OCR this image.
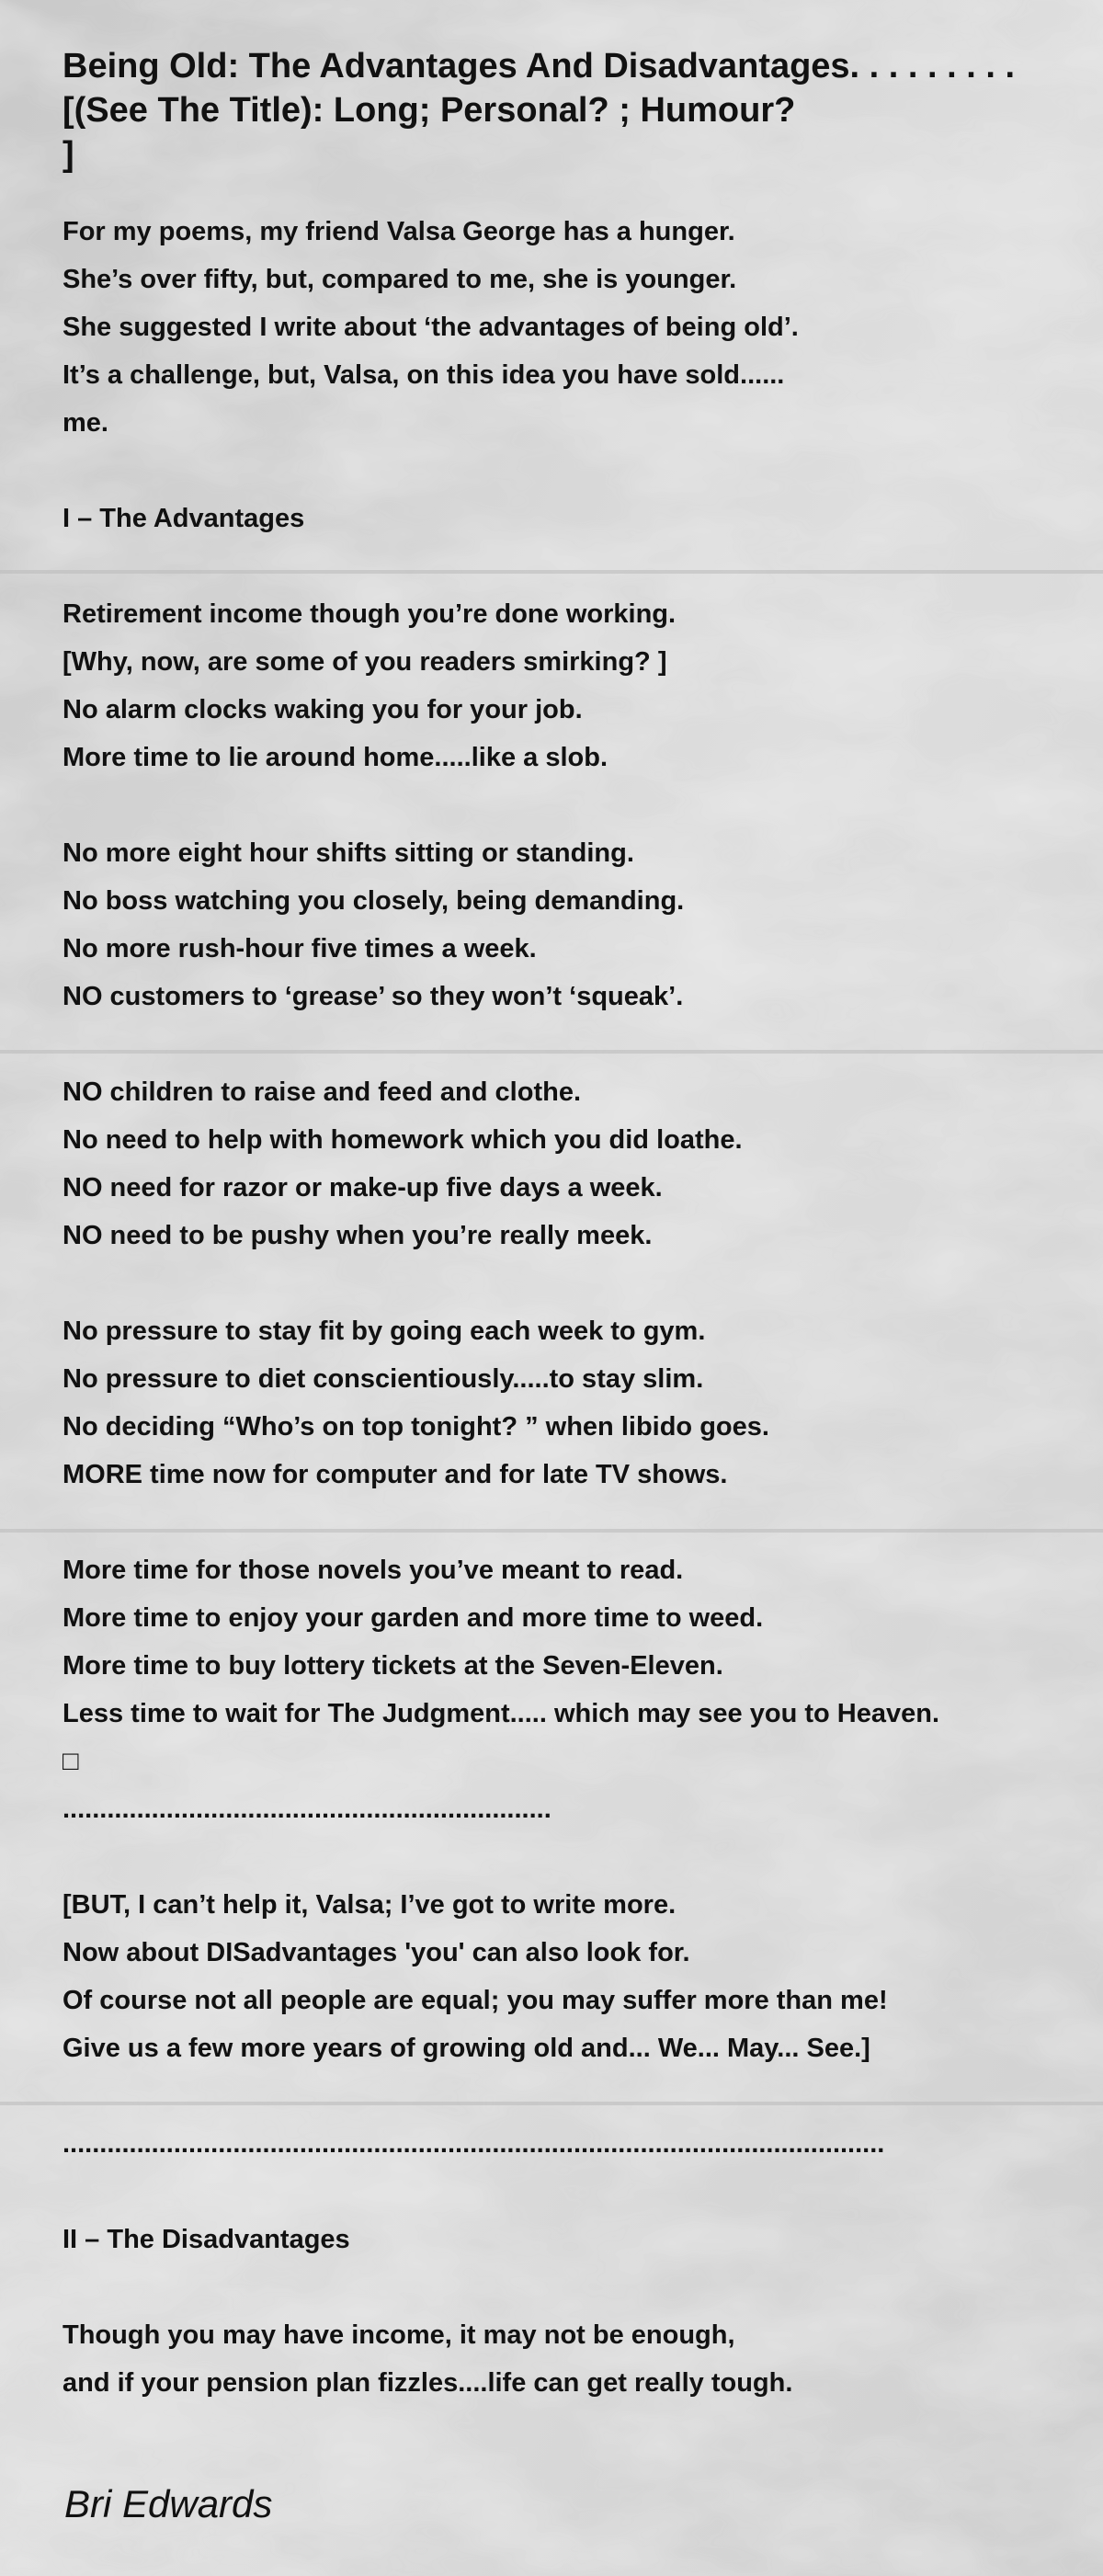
Being Old: The Advantages And Disadvantages. . . . . . . . .
[(See The Title): Long; Personal? ; Humour?
]
For my poems, my friend Valsa George has a hunger.
She’s over fifty, but, compared to me, she is younger.
She suggested I write about ‘the advantages of being old’.
It’s a challenge, but, Valsa, on this idea you have sold......
me.
I – The Advantages
Retirement income though you’re done working.
[Why, now, are some of you readers smirking? ]
No alarm clocks waking you for your job.
More time to lie around home.....like a slob.
No more eight hour shifts sitting or standing.
No boss watching you closely, being demanding.
No more rush-hour five times a week.
NO customers to ‘grease’ so they won’t ‘squeak’.
NO children to raise and feed and clothe.
No need to help with homework which you did loathe.
NO need for razor or make-up five days a week.
NO need to be pushy when you’re really meek.
No pressure to stay fit by going each week to gym.
No pressure to diet conscientiously.....to stay slim.
No deciding “Who’s on top tonight? ” when libido goes.
MORE time now for computer and for late TV shows.
More time for those novels you’ve meant to read.
More time to enjoy your garden and more time to weed.
More time to buy lottery tickets at the Seven-Eleven.
Less time to wait for The Judgment..... which may see you to Heaven.
□
..................................................................
[BUT, I can’t help it, Valsa; I’ve got to write more.
Now about DISadvantages 'you' can also look for.
Of course not all people are equal; you may suffer more than me!
Give us a few more years of growing old and... We... May... See.]
...............................................................................................................
II – The Disadvantages
Though you may have income, it may not be enough,
and if your pension plan fizzles....life can get really tough.
Bri Edwards
